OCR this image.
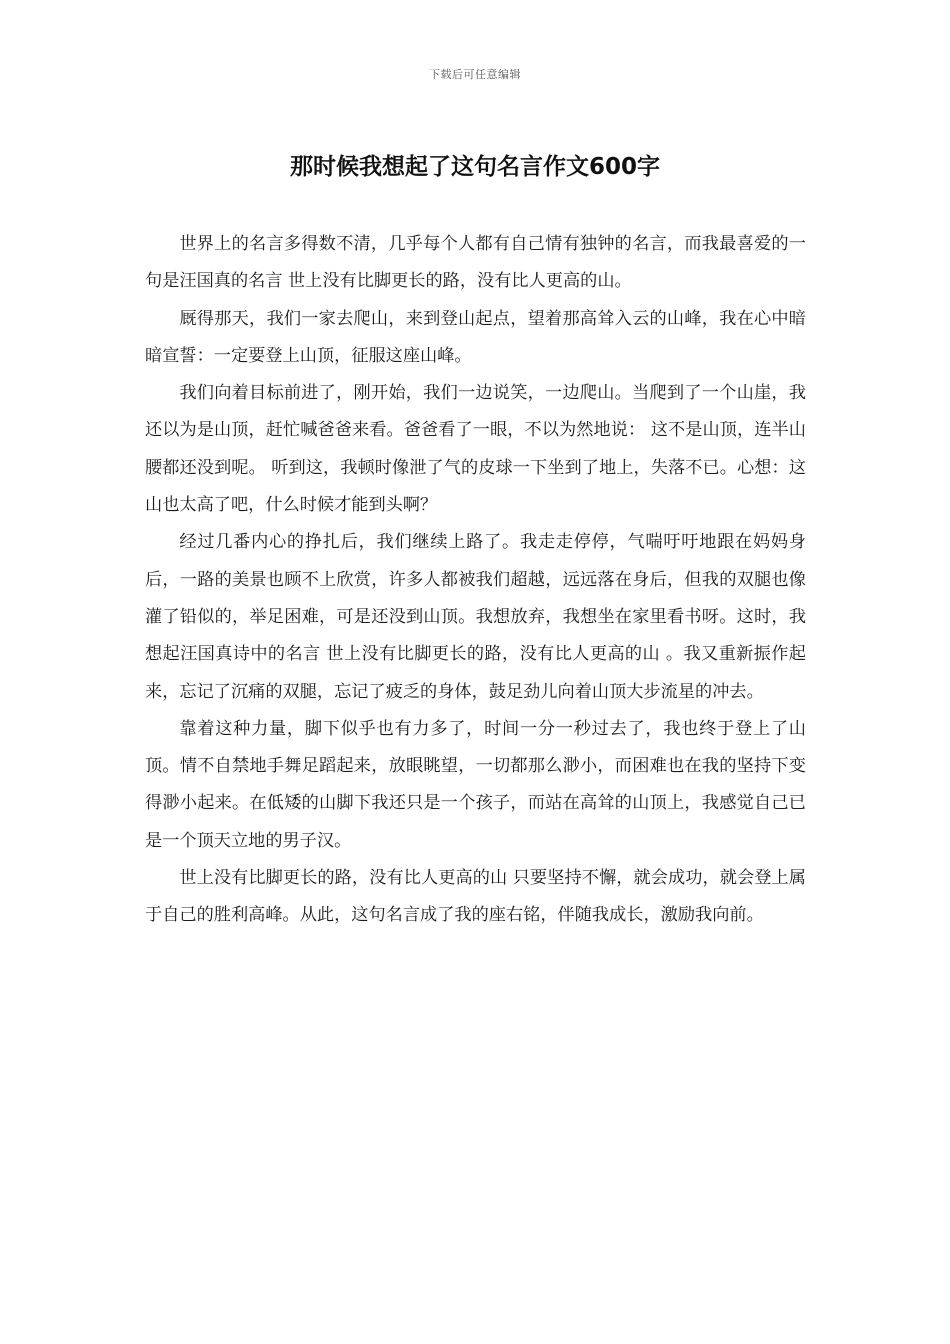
下载后可任意编辑
那时候我想起了这句名言作文600字

世界上的名言多得数不清，几乎每个人都有自己情有独钟的名言，而我最喜爱的一句是汪国真的名言 世上没有比脚更长的路，没有比人更高的山。

厩得那天，我们一家去爬山，来到登山起点，望着那高耸入云的山峰，我在心中暗暗宣誓：一定要登上山顶，征服这座山峰。

我们向着目标前进了，刚开始，我们一边说笑，一边爬山。当爬到了一个山崖，我还以为是山顶，赶忙喊爸爸来看。爸爸看了一眼，不以为然地说： 这不是山顶，连半山腰都还没到呢。 听到这，我顿时像泄了气的皮球一下坐到了地上，失落不已。心想：这山也太高了吧，什么时候才能到头啊？

经过几番内心的挣扎后，我们继续上路了。我走走停停，气喘吁吁地跟在妈妈身后，一路的美景也顾不上欣赏，许多人都被我们超越，远远落在身后，但我的双腿也像灌了铅似的，举足困难，可是还没到山顶。我想放弃，我想坐在家里看书呀。这时，我想起汪国真诗中的名言 世上没有比脚更长的路，没有比人更高的山 。我又重新振作起来，忘记了沉痛的双腿，忘记了疲乏的身体，鼓足劲儿向着山顶大步流星的冲去。

靠着这种力量，脚下似乎也有力多了，时间一分一秒过去了，我也终于登上了山顶。情不自禁地手舞足蹈起来，放眼眺望，一切都那么渺小，而困难也在我的坚持下变得渺小起来。在低矮的山脚下我还只是一个孩子，而站在高耸的山顶上，我感觉自己已是一个顶天立地的男子汉。

世上没有比脚更长的路，没有比人更高的山 只要坚持不懈，就会成功，就会登上属于自己的胜利高峰。从此，这句名言成了我的座右铭，伴随我成长，激励我向前。
